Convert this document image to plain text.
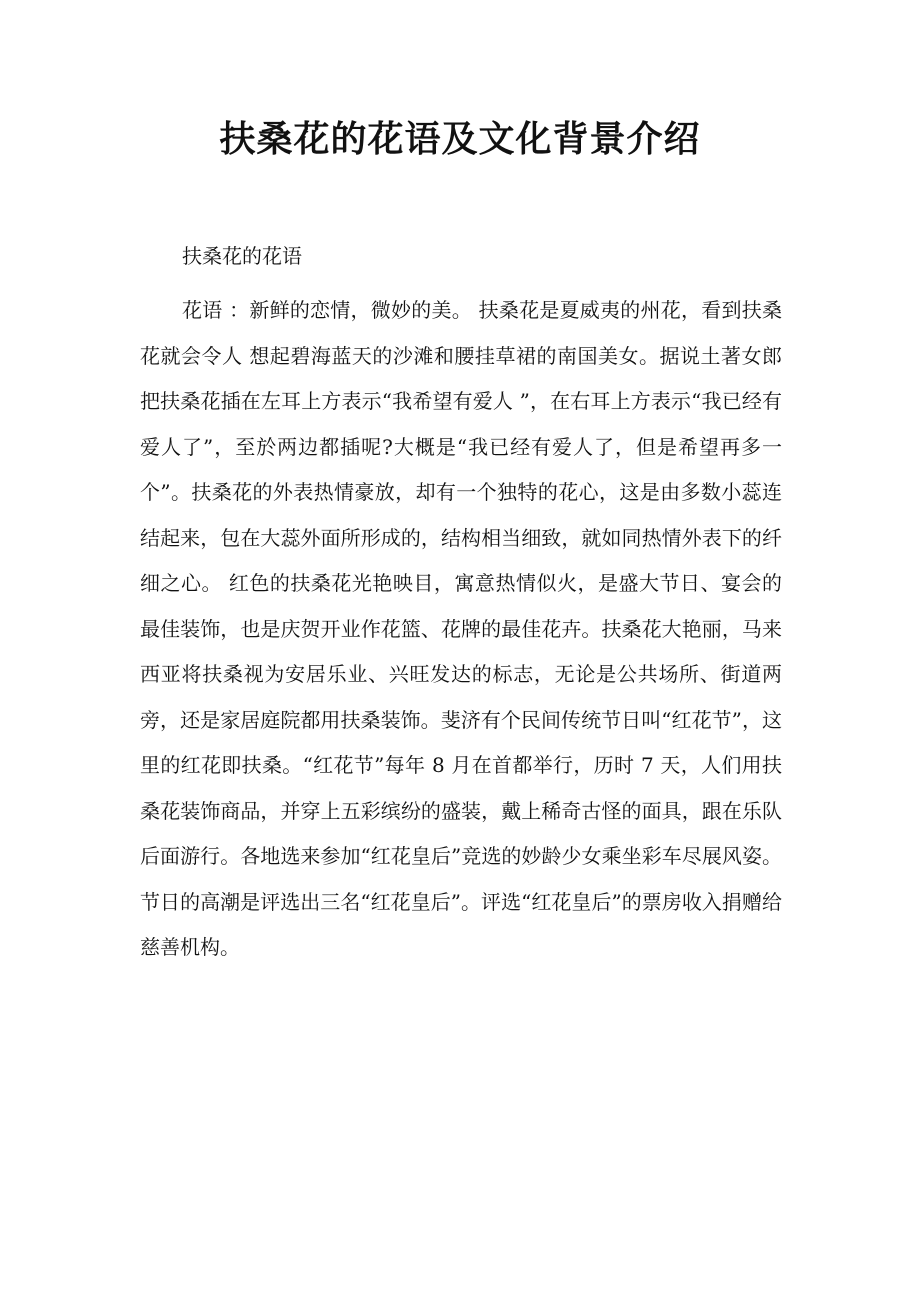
扶桑花的花语及文化背景介绍

扶桑花的花语

花语 ：新鲜的恋情，微妙的美。 扶桑花是夏威夷的州花，看到扶桑花就会令人 想起碧海蓝天的沙滩和腰挂草裙的南国美女。据说土著女郎把扶桑花插在左耳上方表示“我希望有爱人 ”，在右耳上方表示“我已经有爱人了”，至於两边都插呢?大概是“我已经有爱人了，但是希望再多一个”。扶桑花的外表热情豪放，却有一个独特的花心，这是由多数小蕊连结起来，包在大蕊外面所形成的，结构相当细致，就如同热情外表下的纤细之心。 红色的扶桑花光艳映目，寓意热情似火，是盛大节日、宴会的最佳装饰，也是庆贺开业作花篮、花牌的最佳花卉。扶桑花大艳丽，马来西亚将扶桑视为安居乐业、兴旺发达的标志，无论是公共场所、街道两旁，还是家居庭院都用扶桑装饰。斐济有个民间传统节日叫“红花节”，这里的红花即扶桑。“红花节”每年 8 月在首都举行，历时 7 天，人们用扶桑花装饰商品，并穿上五彩缤纷的盛装，戴上稀奇古怪的面具，跟在乐队后面游行。各地选来参加“红花皇后”竞选的妙龄少女乘坐彩车尽展风姿。节日的高潮是评选出三名“红花皇后”。评选“红花皇后”的票房收入捐赠给慈善机构。
